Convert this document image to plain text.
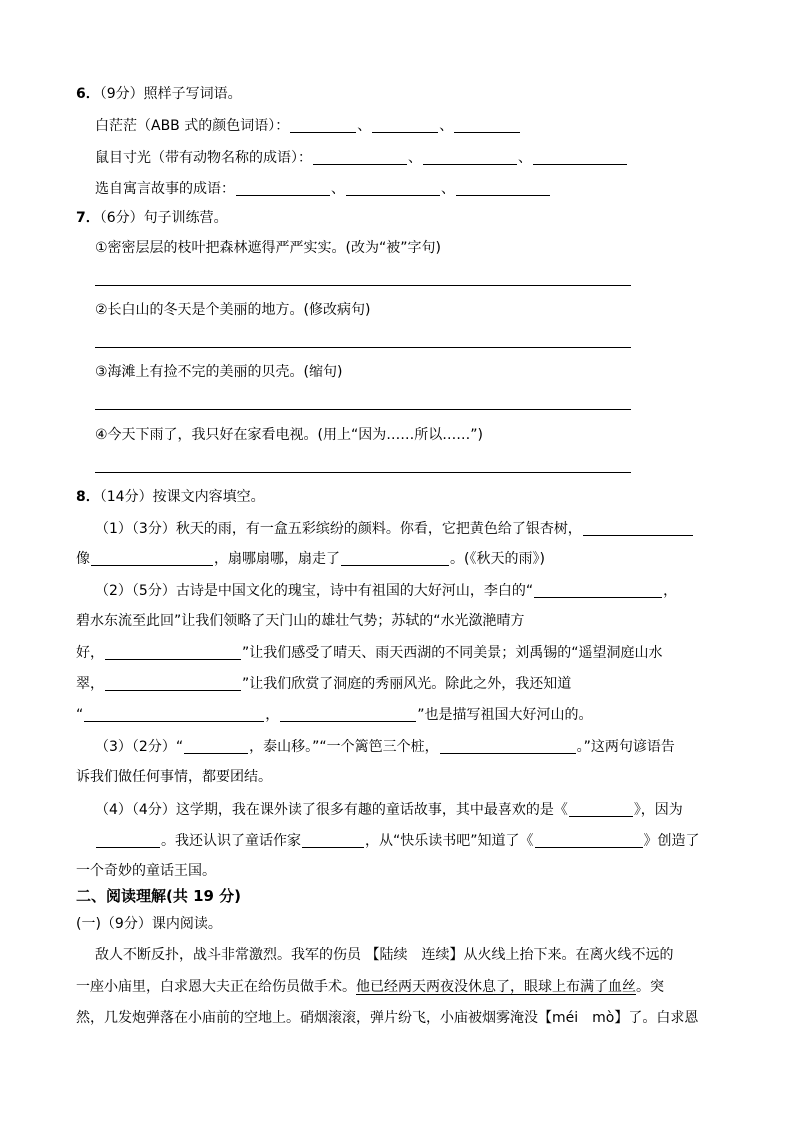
6．（9分）照样子写词语。
白茫茫（ABB 式的颜色词语）：	、	、
鼠目寸光（带有动物名称的成语）：	、	、
选自寓言故事的成语：	、	、
7．（6分）句子训练营。
①密密层层的枝叶把森林遮得严严实实。(改为“被”字句)
②长白山的冬天是个美丽的地方。(修改病句)
③海滩上有捡不完的美丽的贝壳。(缩句)
④今天下雨了，我只好在家看电视。(用上“因为……所以……”)
8．（14分）按课文内容填空。
（1）（3分）秋天的雨，有一盒五彩缤纷的颜料。你看，它把黄色给了银杏树，
像	，扇哪扇哪，扇走了	。(《秋天的雨》)
（2）（5分）古诗是中国文化的瑰宝，诗中有祖国的大好河山，李白的“	，
碧水东流至此回”让我们领略了天门山的雄壮气势；苏轼的“水光潋滟晴方
好，	”让我们感受了晴天、雨天西湖的不同美景；刘禹锡的“遥望洞庭山水
翠，	”让我们欣赏了洞庭的秀丽风光。除此之外，我还知道
“	，	”也是描写祖国大好河山的。
（3）（2分）“	，泰山移。”“一个篱笆三个桩，	。”这两句谚语告
诉我们做任何事情，都要团结。
（4）（4分）这学期，我在课外读了很多有趣的童话故事，其中最喜欢的是《	》，因为
。我还认识了童话作家	，从“快乐读书吧”知道了《	》创造了
一个奇妙的童话王国。
二、阅读理解(共 19 分)
(一)（9分）课内阅读。
敌人不断反扑，战斗非常激烈。我军的伤员 【陆续　连续】从火线上抬下来。在离火线不远的
一座小庙里，白求恩大夫正在给伤员做手术。他已经两天两夜没休息了，眼球上布满了血丝。突
然，几发炮弹落在小庙前的空地上。硝烟滚滚，弹片纷飞，小庙被烟雾淹没【méi　mò】了。白求恩
